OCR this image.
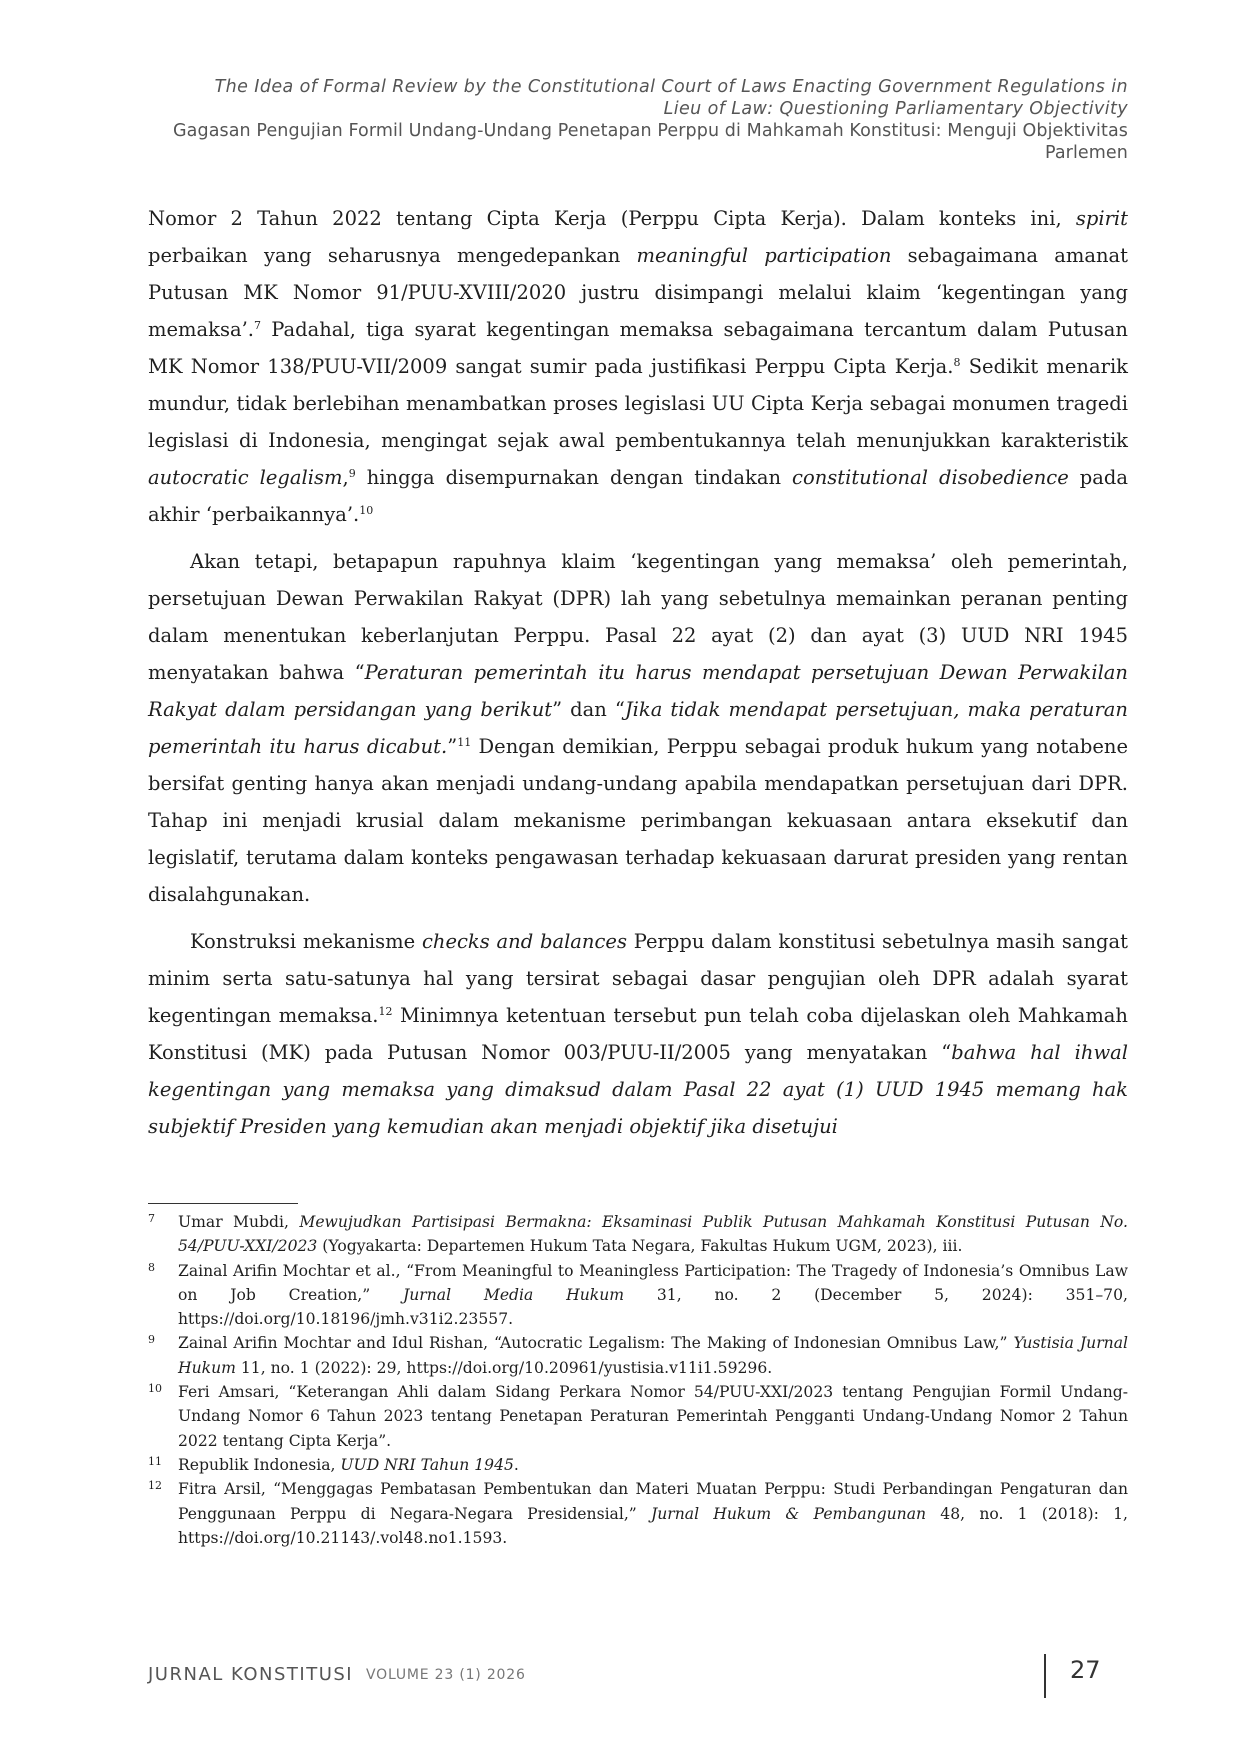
The Idea of Formal Review by the Constitutional Court of Laws Enacting Government Regulations in
Lieu of Law: Questioning Parliamentary Objectivity
Gagasan Pengujian Formil Undang-Undang Penetapan Perppu di Mahkamah Konstitusi: Menguji Objektivitas Parlemen

Nomor 2 Tahun 2022 tentang Cipta Kerja (Perppu Cipta Kerja). Dalam konteks ini, spirit perbaikan yang seharusnya mengedepankan meaningful participation sebagaimana amanat Putusan MK Nomor 91/PUU-XVIII/2020 justru disimpangi melalui klaim ‘kegentingan yang memaksa’.$^7$ Padahal, tiga syarat kegentingan memaksa sebagaimana tercantum dalam Putusan MK Nomor 138/PUU-VII/2009 sangat sumir pada justifikasi Perppu Cipta Kerja.$^8$ Sedikit menarik mundur, tidak berlebihan menambatkan proses legislasi UU Cipta Kerja sebagai monumen tragedi legislasi di Indonesia, mengingat sejak awal pembentukannya telah menunjukkan karakteristik autocratic legalism,$^9$ hingga disempurnakan dengan tindakan constitutional disobedience pada akhir ‘perbaikannya’.$^{10}$

Akan tetapi, betapapun rapuhnya klaim ‘kegentingan yang memaksa’ oleh pemerintah, persetujuan Dewan Perwakilan Rakyat (DPR) lah yang sebetulnya memainkan peranan penting dalam menentukan keberlanjutan Perppu. Pasal 22 ayat (2) dan ayat (3) UUD NRI 1945 menyatakan bahwa “Peraturan pemerintah itu harus mendapat persetujuan Dewan Perwakilan Rakyat dalam persidangan yang berikut” dan “Jika tidak mendapat persetujuan, maka peraturan pemerintah itu harus dicabut.”$^{11}$ Dengan demikian, Perppu sebagai produk hukum yang notabene bersifat genting hanya akan menjadi undang-undang apabila mendapatkan persetujuan dari DPR. Tahap ini menjadi krusial dalam mekanisme perimbangan kekuasaan antara eksekutif dan legislatif, terutama dalam konteks pengawasan terhadap kekuasaan darurat presiden yang rentan disalahgunakan.

Konstruksi mekanisme checks and balances Perppu dalam konstitusi sebetulnya masih sangat minim serta satu-satunya hal yang tersirat sebagai dasar pengujian oleh DPR adalah syarat kegentingan memaksa.$^{12}$ Minimnya ketentuan tersebut pun telah coba dijelaskan oleh Mahkamah Konstitusi (MK) pada Putusan Nomor 003/PUU-II/2005 yang menyatakan “bahwa hal ihwal kegentingan yang memaksa yang dimaksud dalam Pasal 22 ayat (1) UUD 1945 memang hak subjektif Presiden yang kemudian akan menjadi objektif jika disetujui

7 Umar Mubdi, Mewujudkan Partisipasi Bermakna: Eksaminasi Publik Putusan Mahkamah Konstitusi Putusan No. 54/PUU-XXI/2023 (Yogyakarta: Departemen Hukum Tata Negara, Fakultas Hukum UGM, 2023), iii.
8 Zainal Arifin Mochtar et al., “From Meaningful to Meaningless Participation: The Tragedy of Indonesia’s Omnibus Law on Job Creation,” Jurnal Media Hukum 31, no. 2 (December 5, 2024): 351–70, https://doi.org/10.18196/jmh.v31i2.23557.
9 Zainal Arifin Mochtar and Idul Rishan, “Autocratic Legalism: The Making of Indonesian Omnibus Law,” Yustisia Jurnal Hukum 11, no. 1 (2022): 29, https://doi.org/10.20961/yustisia.v11i1.59296.
10 Feri Amsari, “Keterangan Ahli dalam Sidang Perkara Nomor 54/PUU-XXI/2023 tentang Pengujian Formil Undang-Undang Nomor 6 Tahun 2023 tentang Penetapan Peraturan Pemerintah Pengganti Undang-Undang Nomor 2 Tahun 2022 tentang Cipta Kerja”.
11 Republik Indonesia, UUD NRI Tahun 1945.
12 Fitra Arsil, “Menggagas Pembatasan Pembentukan dan Materi Muatan Perppu: Studi Perbandingan Pengaturan dan Penggunaan Perppu di Negara-Negara Presidensial,” Jurnal Hukum & Pembangunan 48, no. 1 (2018): 1, https://doi.org/10.21143/.vol48.no1.1593.
JURNAL KONSTITUSI VOLUME 23 (1) 2026	27
